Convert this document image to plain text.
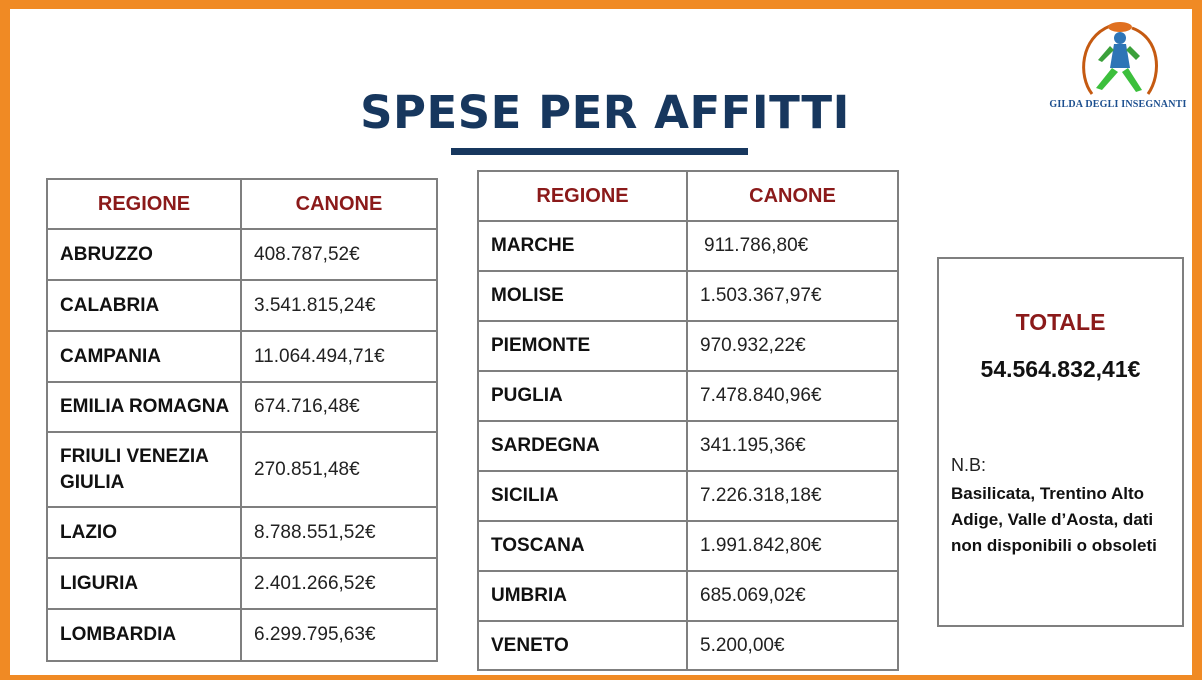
SPESE PER AFFITTI	GILDA DEGLI INSEGNANTI
REGIONE	CANONE
ABRUZZO	408.787,52€
CALABRIA	3.541.815,24€
CAMPANIA	11.064.494,71€
EMILIA ROMAGNA	674.716,48€
FRIULI VENEZIA GIULIA	270.851,48€
LAZIO	8.788.551,52€
LIGURIA	2.401.266,52€
LOMBARDIA	6.299.795,63€
REGIONE	CANONE
MARCHE	911.786,80€
MOLISE	1.503.367,97€
PIEMONTE	970.932,22€
PUGLIA	7.478.840,96€
SARDEGNA	341.195,36€
SICILIA	7.226.318,18€
TOSCANA	1.991.842,80€
UMBRIA	685.069,02€
VENETO	5.200,00€
TOTALE
54.564.832,41€
N.B:
Basilicata, Trentino Alto Adige, Valle d’Aosta, dati non disponibili o obsoleti
